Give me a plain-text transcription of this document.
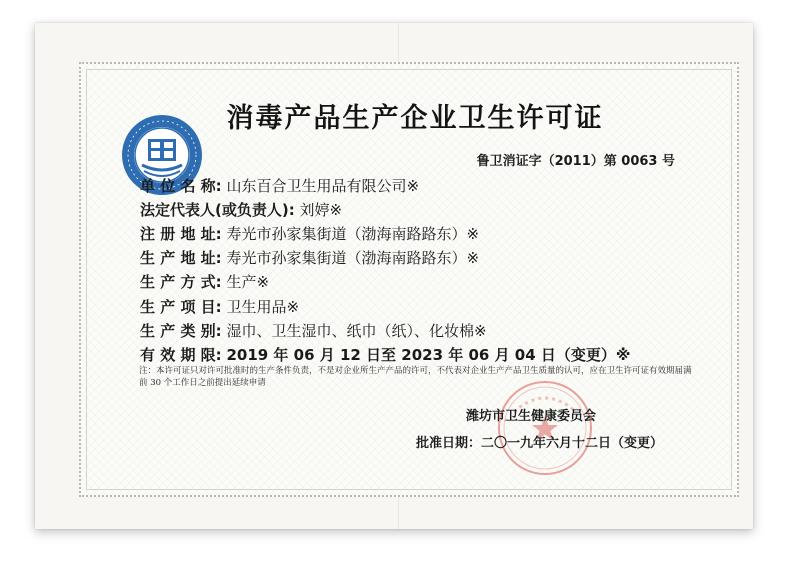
消毒产品生产企业卫生许可证
鲁卫消证字（2011）第 0063 号
单 位 名 称: 山东百合卫生用品有限公司※
法定代表人(或负责人): 刘婷※
注 册 地 址: 寿光市孙家集街道（渤海南路路东）※
生 产 地 址: 寿光市孙家集街道（渤海南路路东）※
生 产 方 式: 生产※
生 产 项 目: 卫生用品※
生 产 类 别: 湿巾、卫生湿巾、纸巾（纸）、化妆棉※
有 效 期 限: 2019 年 06 月 12 日至 2023 年 06 月 04 日（变更）※
注：本许可证只对许可批准时的生产条件负责，不是对企业所生产产品的许可，不代表对企业生产产品卫生质量的认可，应在卫生许可证有效期届满前 30 个工作日之前提出延续申请
潍坊市卫生健康委员会
批准日期：二〇一九年六月十二日（变更）
